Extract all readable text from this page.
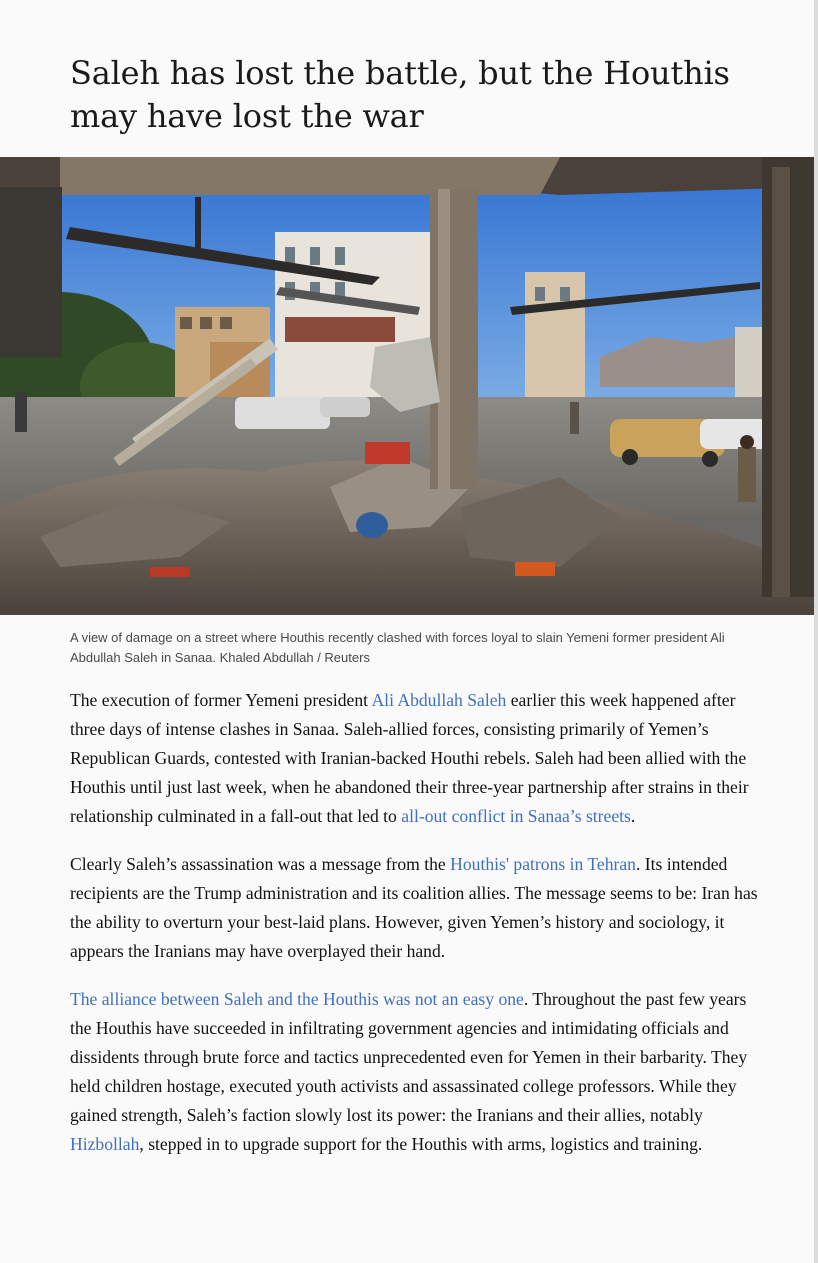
Saleh has lost the battle, but the Houthis may have lost the war

A view of damage on a street where Houthis recently clashed with forces loyal to slain Yemeni former president Ali Abdullah Saleh in Sanaa. Khaled Abdullah / Reuters

The execution of former Yemeni president Ali Abdullah Saleh earlier this week happened after three days of intense clashes in Sanaa. Saleh-allied forces, consisting primarily of Yemen’s Republican Guards, contested with Iranian-backed Houthi rebels. Saleh had been allied with the Houthis until just last week, when he abandoned their three-year partnership after strains in their relationship culminated in a fall-out that led to all-out conflict in Sanaa’s streets.

Clearly Saleh’s assassination was a message from the Houthis' patrons in Tehran. Its intended recipients are the Trump administration and its coalition allies. The message seems to be: Iran has the ability to overturn your best-laid plans. However, given Yemen’s history and sociology, it appears the Iranians may have overplayed their hand.

The alliance between Saleh and the Houthis was not an easy one. Throughout the past few years the Houthis have succeeded in infiltrating government agencies and intimidating officials and dissidents through brute force and tactics unprecedented even for Yemen in their barbarity. They held children hostage, executed youth activists and assassinated college professors. While they gained strength, Saleh’s faction slowly lost its power: the Iranians and their allies, notably Hizbollah, stepped in to upgrade support for the Houthis with arms, logistics and training.
